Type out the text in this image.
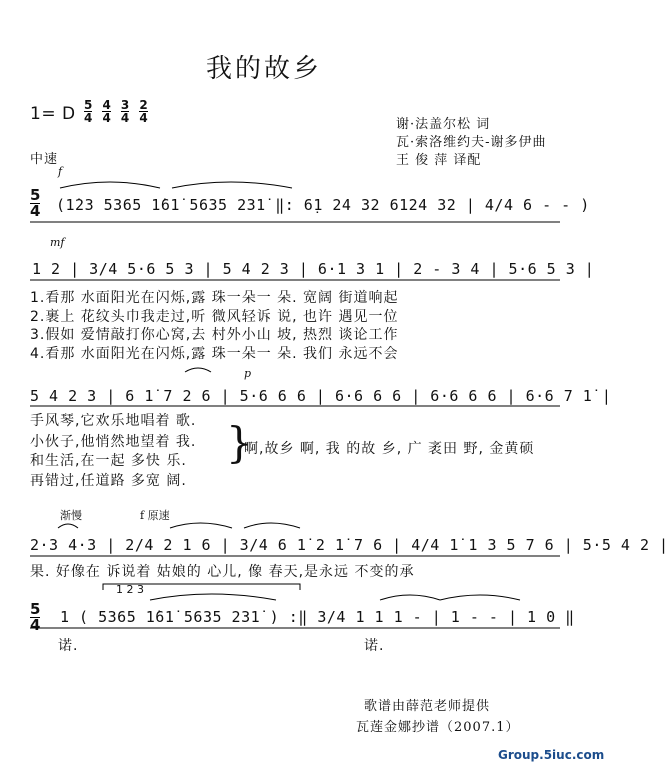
我的故乡
1= D $\frac{5}{4}$
$\frac{4}{4}$
$\frac{3}{4}$
$\frac{2}{4}$
谢·法盖尔松 词
瓦·索洛维约夫-谢多伊曲
王 俊 萍 译配
中速
f
$\frac{5}{4}$ (1̇23 5365 1̇61̇ 5635 231̇ ‖: 6̣1 24 32 6124 32 | 4/4 6 - - )
mf
1 2 | 3/4 5·6 5 3 | 5 4 2 3 | 6·1 3 1 | 2 - 3 4 | 5·6 5 3 |
1.看那 水面阳光在闪烁,露 珠一朵一 朵. 宽阔 街道响起
2.裹上 花纹头巾我走过,听 微风轻诉 说, 也许 遇见一位
3.假如 爱情敲打你心窝,去 村外小山 坡, 热烈 谈论工作
4.看那 水面阳光在闪烁,露 珠一朵一 朵. 我们 永远不会
p
5 4 2 3 | 6 1̇ 7 2 6 | 5·6 6 6 | 6·6 6 6 | 6·6 6 6 | 6·6 7 1̇ |
手风琴,它欢乐地唱着 歌.
小伙子,他悄然地望着 我.
和生活,在一起 多快 乐.
再错过,任道路 多宽 阔.
}
啊,故乡 啊, 我 的故 乡, 广 袤田 野, 金黄硕
渐慢	f 原速
2·3 4·3 | 2/4 2 1 6 | 3/4 6 1̇ 2 1̇ 7 6 | 4/4 1̇ 1 3 5 7 6 | 5·5 4 2 |
果. 好像在 诉说着 姑娘的 心儿, 像 春天,是永远 不变的承
1 2 3
$\frac{5}{4} 1$ ( 5365 1̇61̇ 5635 231̇ ) :‖ 3/4 1 1 1 - | 1 - - | 1 0 ‖
诺.	诺.
歌谱由薛范老师提供
瓦莲金娜抄谱（2007.1）
Group.5iuc.com
